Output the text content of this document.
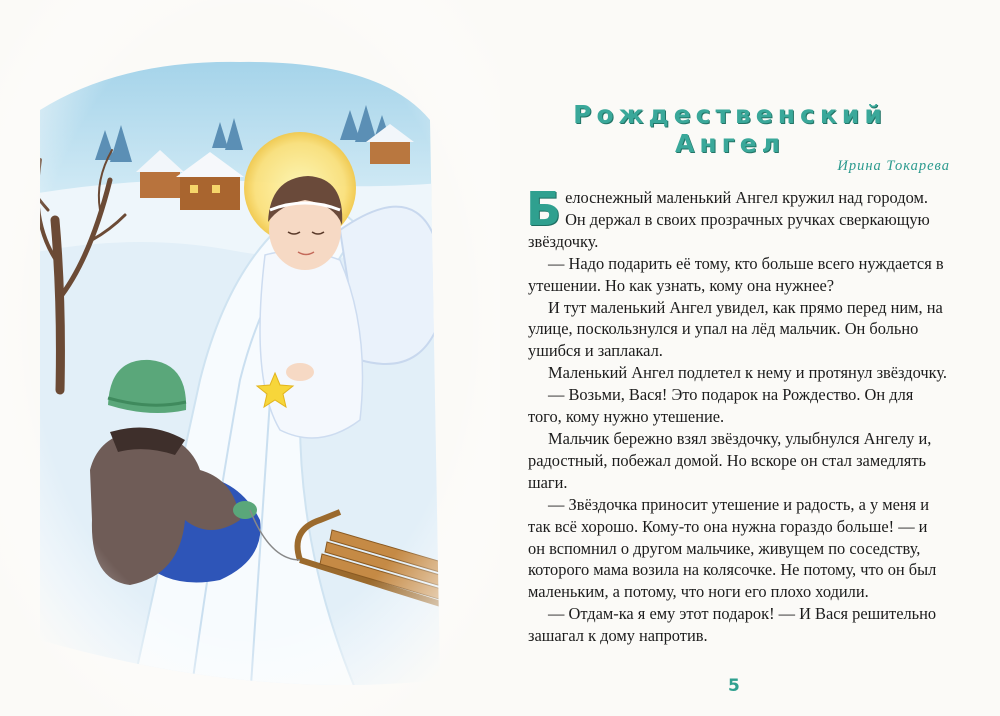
Рождественский Ангел

Ирина Токарева

Белоснежный маленький Ангел кружил над городом. Он держал в своих прозрачных ручках сверкающую звёздочку.

— Надо подарить её тому, кто больше всего нуждается в утешении. Но как узнать, кому она нужнее?

И тут маленький Ангел увидел, как прямо перед ним, на улице, поскользнулся и упал на лёд мальчик. Он больно ушибся и заплакал.

Маленький Ангел подлетел к нему и протянул звёздочку.

— Возьми, Вася! Это подарок на Рождество. Он для того, кому нужно утешение.

Мальчик бережно взял звёздочку, улыбнулся Ангелу и, радостный, побежал домой. Но вскоре он стал замедлять шаги.

— Звёздочка приносит утешение и радость, а у меня и так всё хорошо. Кому-то она нужна гораздо больше! — и он вспомнил о другом мальчике, живущем по соседству, которого мама возила на колясочке. Не потому, что он был маленьким, а потому, что ноги его плохо ходили.

— Отдам-ка я ему этот подарок! — И Вася решительно зашагал к дому напротив.

5
